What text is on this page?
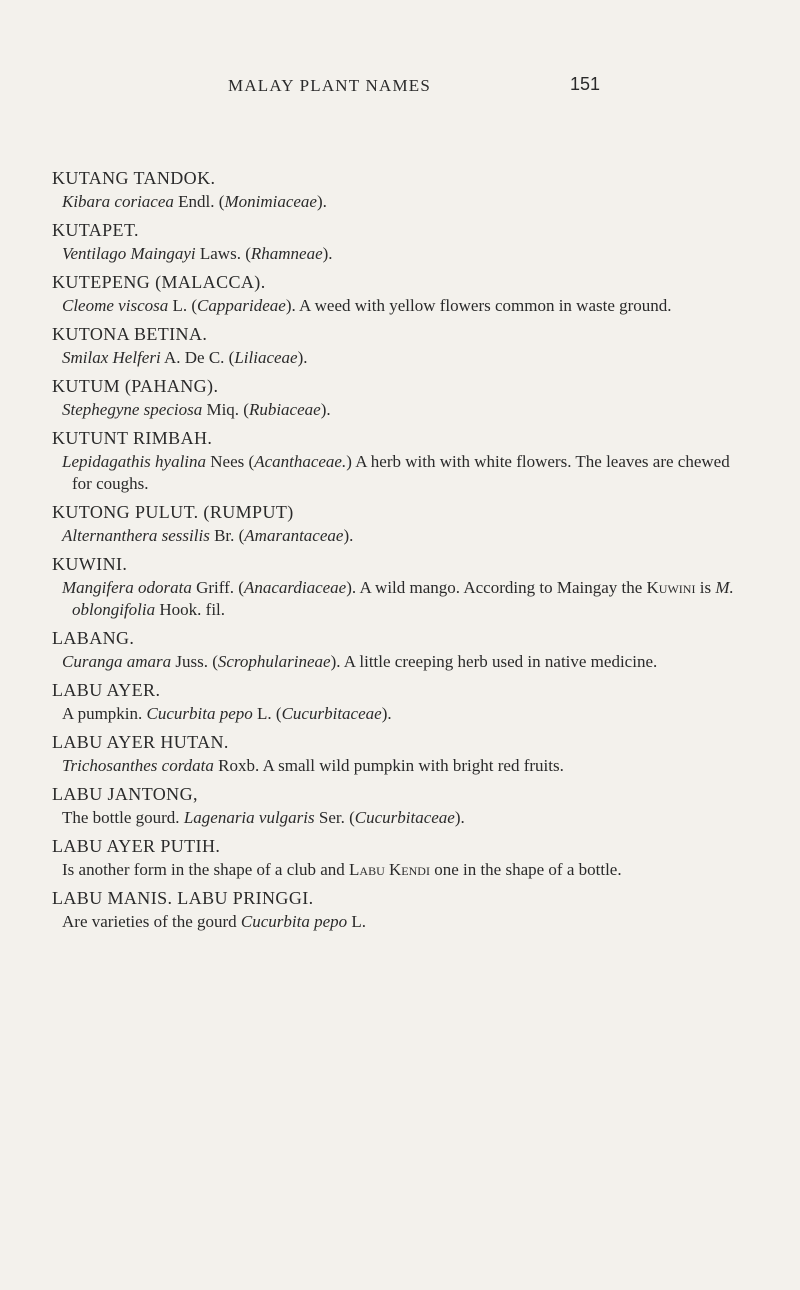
MALAY PLANT NAMES	151
KUTANG TANDOK.
Kibara coriacea Endl. (Monimiaceae).
KUTAPET.
Ventilago Maingayi Laws. (Rhamneae).
KUTEPENG (MALACCA).
Cleome viscosa L. (Capparideae). A weed with yellow flowers common in waste ground.
KUTONA BETINA.
Smilax Helferi A. De C. (Liliaceae).
KUTUM (PAHANG).
Stephegyne speciosa Miq. (Rubiaceae).
KUTUNT RIMBAH.
Lepidagathis hyalina Nees (Acanthaceae.) A herb with with white flowers. The leaves are chewed for coughs.
KUTONG PULUT. (RUMPUT)
Alternanthera sessilis Br. (Amarantaceae).
KUWINI.
Mangifera odorata Griff. (Anacardiaceae). A wild mango. According to Maingay the Kuwini is M. oblongifolia Hook. fil.
LABANG.
Curanga amara Juss. (Scrophularineae). A little creeping herb used in native medicine.
LABU AYER.
A pumpkin. Cucurbita pepo L. (Cucurbitaceae).
LABU AYER HUTAN.
Trichosanthes cordata Roxb. A small wild pumpkin with bright red fruits.
LABU JANTONG,
The bottle gourd. Lagenaria vulgaris Ser. (Cucurbitaceae).
LABU AYER PUTIH.
Is another form in the shape of a club and Labu Kendi one in the shape of a bottle.
LABU MANIS. LABU PRINGGI.
Are varieties of the gourd Cucurbita pepo L.
